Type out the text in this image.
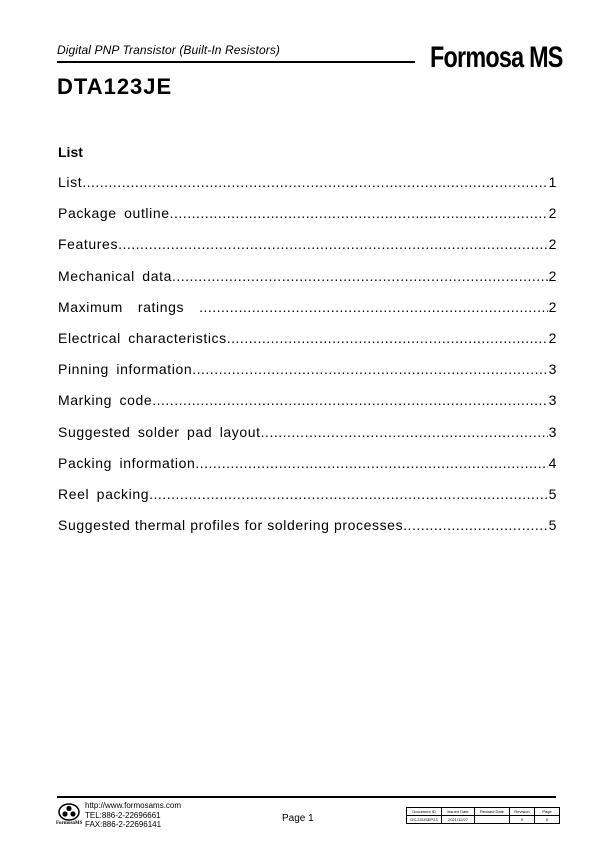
Digital PNP Transistor (Built-In Resistors)	Formosa MS
DTA123JE
List
List .....	1
Package outline .....	2
Features .....	2
Mechanical data .....	2
Maximum  ratings .....	2
Electrical characteristics .....	2
Pinning information .....	3
Marking code .....	3
Suggested solder pad layout .....	3
Packing information .....	4
Reel packing .....	5
Suggested thermal profiles for soldering processes .....	5
FormosaMS
http://www.formosams.com
TEL:886-2-22696661
FAX:886-2-22696141
Page 1
Document ID	Issued Date	Revised Date	Revision	Page
DS-231ISEP23	2021/12/27		0	5
